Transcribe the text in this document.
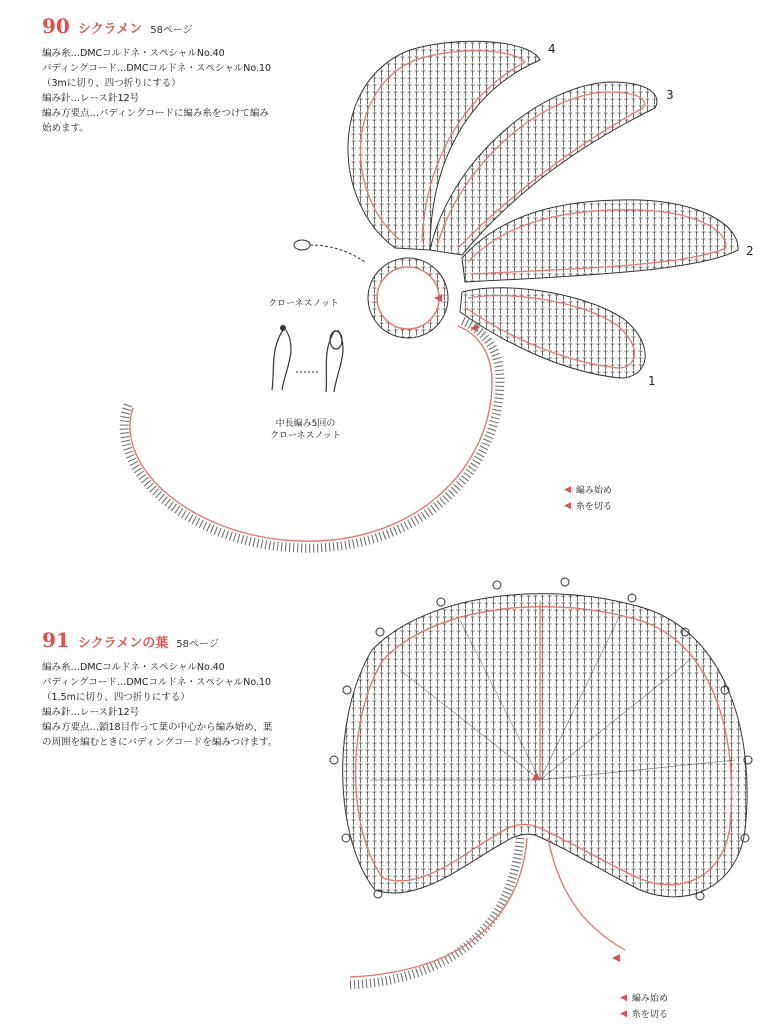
90 シクラメン 58ページ
編み糸…DMCコルドネ・スペシャルNo.40
パディングコード…DMCコルドネ・スペシャルNo.10
（3mに切り、四つ折りにする）
編み針…レース針12号
編み方要点…パディングコードに編み糸をつけて編み
始めます。
91 シクラメンの葉 58ページ
編み糸…DMCコルドネ・スペシャルNo.40
パディングコード…DMCコルドネ・スペシャルNo.10
（1.5mに切り、四つ折りにする）
編み針…レース針12号
編み方要点…鎖18目作って葉の中心から編み始め、葉
の周囲を編むときにパディングコードを編みつけます。
1
2
3
4
クローネスノット
中長編み5回の
クローネスノット
◀ 編み始め
◀ 糸を切る
◀ 編み始め
◀ 糸を切る
